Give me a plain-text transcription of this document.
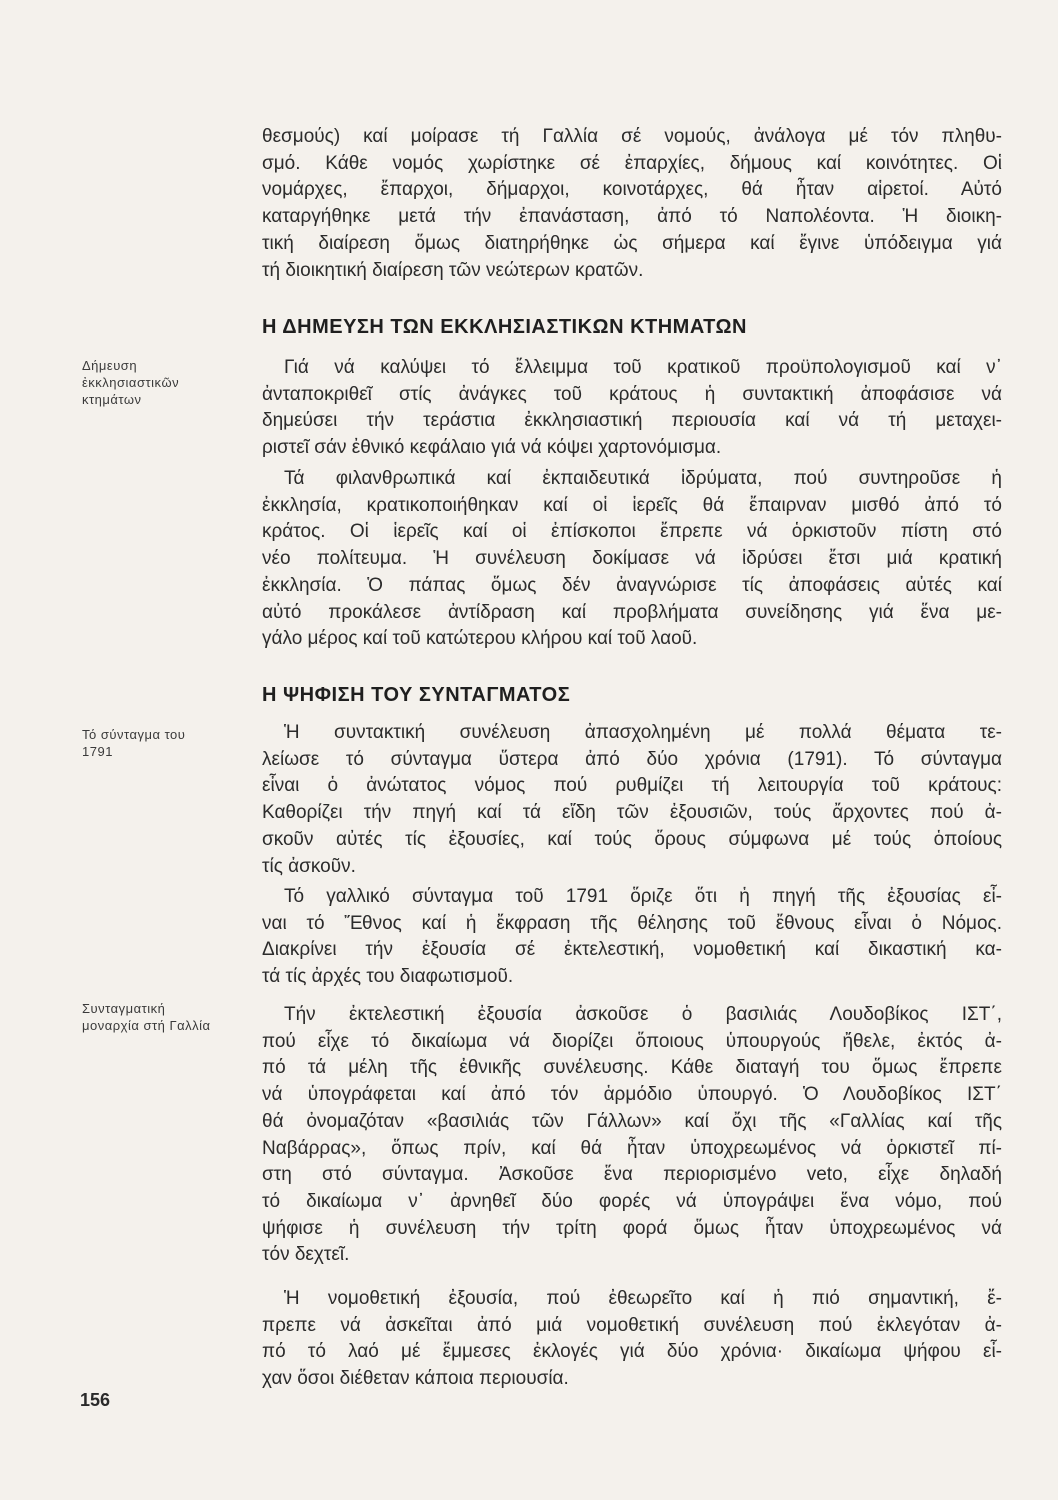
Δήμευση
ἐκκλησιαστικῶν
κτημάτων
Τό σύνταγμα του
1791
Συνταγματική
μοναρχία στή Γαλλία
θεσμούς) καί μοίρασε τή Γαλλία σέ νομούς, ἀνάλογα μέ τόν πληθυ-
σμό. Κάθε νομός χωρίστηκε σέ ἐπαρχίες, δήμους καί κοινότητες. Οἱ
νομάρχες, ἔπαρχοι, δήμαρχοι, κοινοτάρχες, θά ἦταν αἱρετοί. Αὐτό
καταργήθηκε μετά τήν ἐπανάσταση, ἀπό τό Ναπολέοντα. Ἡ διοικη-
τική διαίρεση ὅμως διατηρήθηκε ὡς σήμερα καί ἔγινε ὑπόδειγμα γιά
τή διοικητική διαίρεση τῶν νεώτερων κρατῶν.
Η ΔΗΜΕΥΣΗ ΤΩΝ ΕΚΚΛΗΣΙΑΣΤΙΚΩΝ ΚΤΗΜΑΤΩΝ
Γιά νά καλύψει τό ἔλλειμμα τοῦ κρατικοῦ προϋπολογισμοῦ καί ν᾽
ἀνταποκριθεῖ στίς ἀνάγκες τοῦ κράτους ἡ συντακτική ἀποφάσισε νά
δημεύσει τήν τεράστια ἐκκλησιαστική περιουσία καί νά τή μεταχει-
ριστεῖ σάν ἐθνικό κεφάλαιο γιά νά κόψει χαρτονόμισμα.
Τά φιλανθρωπικά καί ἐκπαιδευτικά ἱδρύματα, πού συντηροῦσε ἡ
ἐκκλησία, κρατικοποιήθηκαν καί οἱ ἱερεῖς θά ἔπαιρναν μισθό ἀπό τό
κράτος. Οἱ ἱερεῖς καί οἱ ἐπίσκοποι ἔπρεπε νά ὁρκιστοῦν πίστη στό
νέο πολίτευμα. Ἡ συνέλευση δοκίμασε νά ἱδρύσει ἔτσι μιά κρατική
ἐκκλησία. Ὁ πάπας ὅμως δέν ἀναγνώρισε τίς ἀποφάσεις αὐτές καί
αὐτό προκάλεσε ἀντίδραση καί προβλήματα συνείδησης γιά ἕνα με-
γάλο μέρος καί τοῦ κατώτερου κλήρου καί τοῦ λαοῦ.
Η ΨΗΦΙΣΗ ΤΟΥ ΣΥΝΤΑΓΜΑΤΟΣ
Ἡ συντακτική συνέλευση ἀπασχολημένη μέ πολλά θέματα τε-
λείωσε τό σύνταγμα ὕστερα ἀπό δύο χρόνια (1791). Τό σύνταγμα
εἶναι ὁ ἀνώτατος νόμος πού ρυθμίζει τή λειτουργία τοῦ κράτους:
Καθορίζει τήν πηγή καί τά εἴδη τῶν ἐξουσιῶν, τούς ἄρχοντες πού ἀ-
σκοῦν αὐτές τίς ἐξουσίες, καί τούς ὅρους σύμφωνα μέ τούς ὁποίους
τίς ἀσκοῦν.
Τό γαλλικό σύνταγμα τοῦ 1791 ὅριζε ὅτι ἡ πηγή τῆς ἐξουσίας εἶ-
ναι τό Ἔθνος καί ἡ ἔκφραση τῆς θέλησης τοῦ ἔθνους εἶναι ὁ Νόμος.
Διακρίνει τήν ἐξουσία σέ ἐκτελεστική, νομοθετική καί δικαστική κα-
τά τίς ἀρχές του διαφωτισμοῦ.
Τήν ἐκτελεστική ἐξουσία ἀσκοῦσε ὁ βασιλιάς Λουδοβίκος ΙΣΤ΄,
πού εἶχε τό δικαίωμα νά διορίζει ὅποιους ὑπουργούς ἤθελε, ἐκτός ἀ-
πό τά μέλη τῆς ἐθνικῆς συνέλευσης. Κάθε διαταγή του ὅμως ἔπρεπε
νά ὑπογράφεται καί ἀπό τόν ἁρμόδιο ὑπουργό. Ὁ Λουδοβίκος ΙΣΤ΄
θά ὀνομαζόταν «βασιλιάς τῶν Γάλλων» καί ὄχι τῆς «Γαλλίας καί τῆς
Ναβάρρας», ὅπως πρίν, καί θά ἦταν ὑποχρεωμένος νά ὁρκιστεῖ πί-
στη στό σύνταγμα. Ἀσκοῦσε ἕνα περιορισμένο veto, εἶχε δηλαδή
τό δικαίωμα ν᾽ ἀρνηθεῖ δύο φορές νά ὑπογράψει ἕνα νόμο, πού
ψήφισε ἡ συνέλευση τήν τρίτη φορά ὅμως ἦταν ὑποχρεωμένος νά
τόν δεχτεῖ.
Ἡ νομοθετική ἐξουσία, πού ἐθεωρεῖτο καί ἡ πιό σημαντική, ἔ-
πρεπε νά ἀσκεῖται ἀπό μιά νομοθετική συνέλευση πού ἐκλεγόταν ἀ-
πό τό λαό μέ ἔμμεσες ἐκλογές γιά δύο χρόνια· δικαίωμα ψήφου εἶ-
χαν ὅσοι διέθεταν κάποια περιουσία.
156
